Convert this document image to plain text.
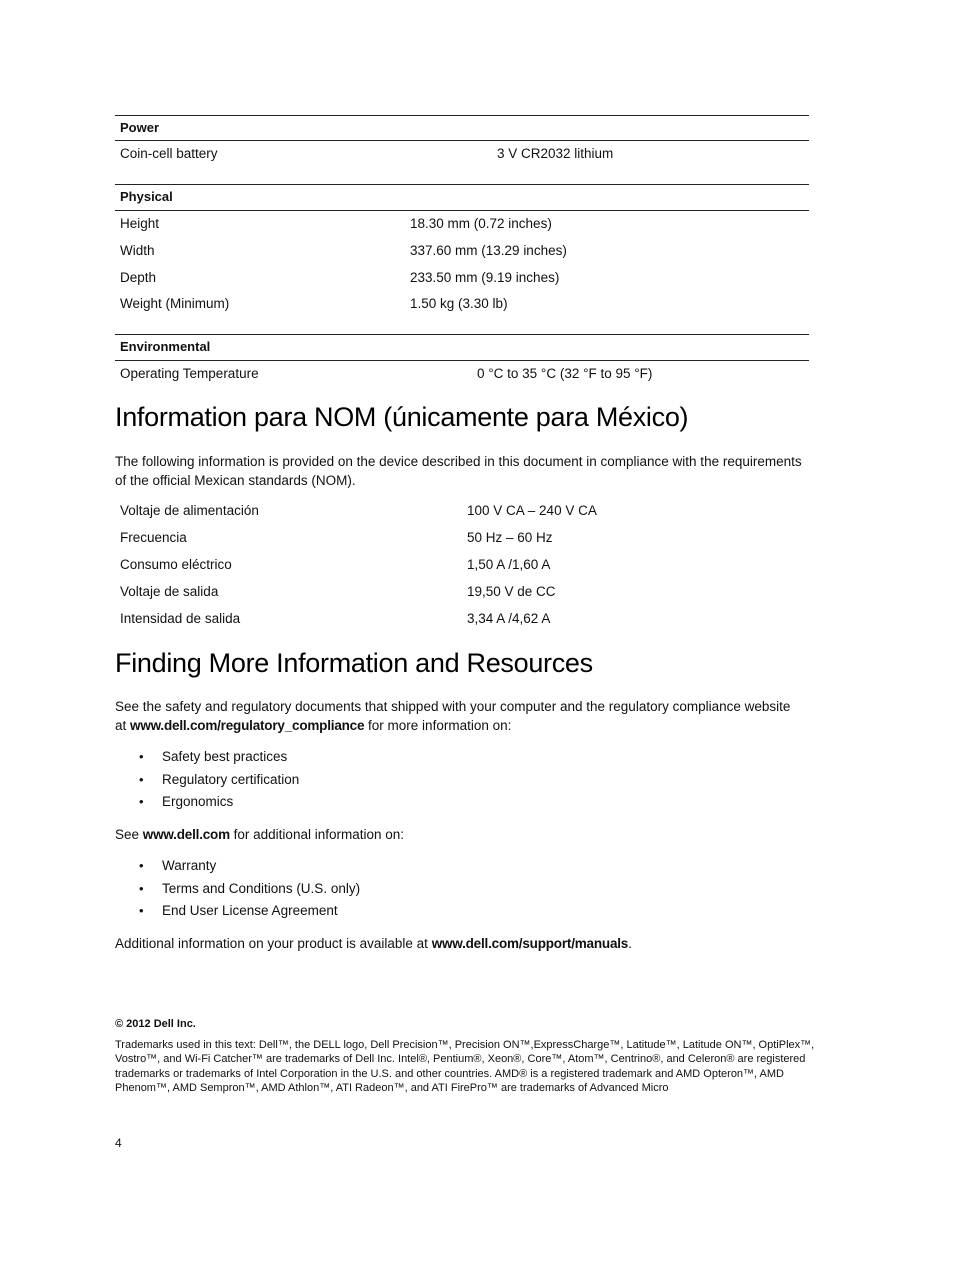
Power
Coin-cell battery	3 V CR2032 lithium
Physical
Height	18.30 mm (0.72 inches)
Width	337.60 mm (13.29 inches)
Depth	233.50 mm (9.19 inches)
Weight (Minimum)	1.50 kg (3.30 lb)
Environmental
Operating Temperature	0 °C to 35 °C (32 °F to 95 °F)
Information para NOM (únicamente para México)

The following information is provided on the device described in this document in compliance with the requirements of the official Mexican standards (NOM).

Voltaje de alimentación	100 V CA – 240 V CA
Frecuencia	50 Hz – 60 Hz
Consumo eléctrico	1,50 A /1,60 A
Voltaje de salida	19,50 V de CC
Intensidad de salida	3,34 A /4,62 A
Finding More Information and Resources

See the safety and regulatory documents that shipped with your computer and the regulatory compliance website at www.dell.com/regulatory_compliance for more information on:

• Safety best practices
• Regulatory certification
• Ergonomics

See www.dell.com for additional information on:

• Warranty
• Terms and Conditions (U.S. only)
• End User License Agreement

Additional information on your product is available at www.dell.com/support/manuals.

© 2012 Dell Inc.

Trademarks used in this text: Dell™, the DELL logo, Dell Precision™, Precision ON™,ExpressCharge™, Latitude™, Latitude ON™, OptiPlex™, Vostro™, and Wi-Fi Catcher™ are trademarks of Dell Inc. Intel®, Pentium®, Xeon®, Core™, Atom™, Centrino®, and Celeron® are registered trademarks or trademarks of Intel Corporation in the U.S. and other countries. AMD® is a registered trademark and AMD Opteron™, AMD Phenom™, AMD Sempron™, AMD Athlon™, ATI Radeon™, and ATI FirePro™ are trademarks of Advanced Micro

4
